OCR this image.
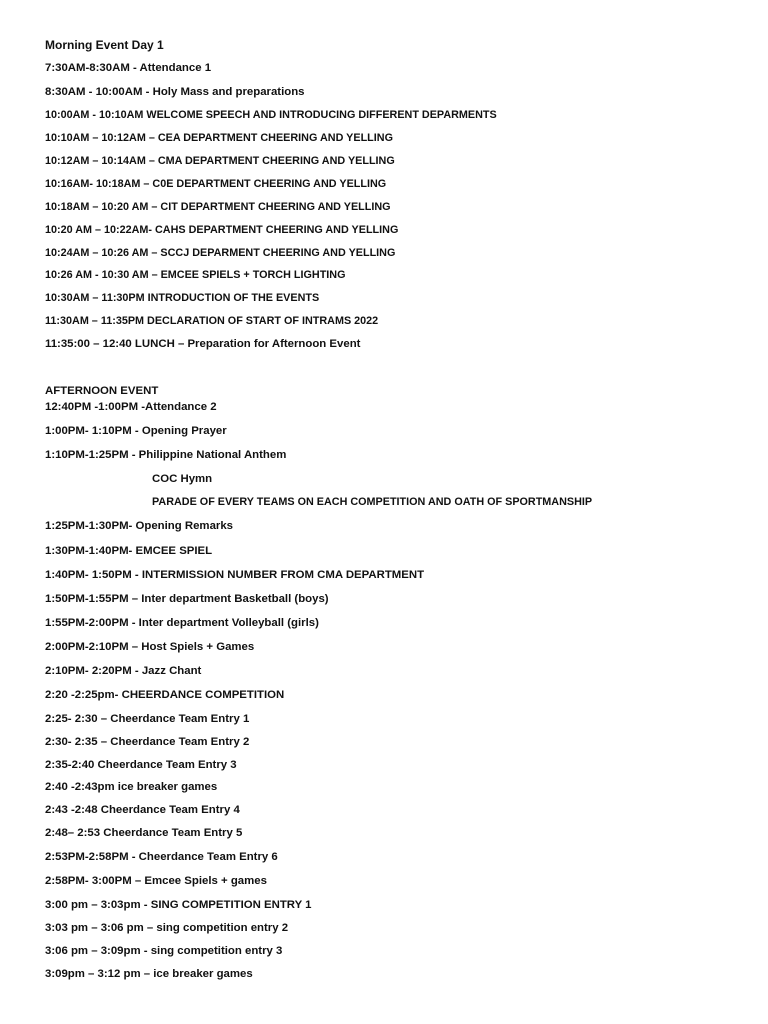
Morning Event Day 1
7:30AM-8:30AM - Attendance 1
8:30AM - 10:00AM - Holy Mass and preparations
10:00AM - 10:10AM WELCOME SPEECH AND INTRODUCING DIFFERENT DEPARMENTS
10:10AM – 10:12AM – CEA DEPARTMENT CHEERING AND YELLING
10:12AM – 10:14AM – CMA DEPARTMENT CHEERING AND YELLING
10:16AM- 10:18AM – C0E DEPARTMENT CHEERING AND YELLING
10:18AM – 10:20 AM – CIT DEPARTMENT CHEERING AND YELLING
10:20 AM – 10:22AM- CAHS DEPARTMENT CHEERING AND YELLING
10:24AM – 10:26 AM – SCCJ DEPARMENT CHEERING AND YELLING
10:26 AM - 10:30 AM – EMCEE SPIELS + TORCH LIGHTING
10:30AM – 11:30PM INTRODUCTION OF THE EVENTS
11:30AM – 11:35PM DECLARATION OF START OF INTRAMS 2022
11:35:00 – 12:40 LUNCH – Preparation for Afternoon Event
AFTERNOON EVENT
12:40PM -1:00PM -Attendance 2
1:00PM- 1:10PM - Opening Prayer
1:10PM-1:25PM - Philippine National Anthem
COC Hymn
PARADE OF EVERY TEAMS ON EACH COMPETITION AND OATH OF SPORTMANSHIP
1:25PM-1:30PM- Opening Remarks
1:30PM-1:40PM- EMCEE SPIEL
1:40PM- 1:50PM - INTERMISSION NUMBER FROM CMA DEPARTMENT
1:50PM-1:55PM – Inter department Basketball (boys)
1:55PM-2:00PM - Inter department Volleyball (girls)
2:00PM-2:10PM – Host Spiels + Games
2:10PM- 2:20PM - Jazz Chant
2:20 -2:25pm- CHEERDANCE COMPETITION
2:25- 2:30 – Cheerdance Team Entry 1
2:30- 2:35 – Cheerdance Team Entry 2
2:35-2:40 Cheerdance Team Entry 3
2:40 -2:43pm ice breaker games
2:43 -2:48 Cheerdance Team Entry 4
2:48– 2:53 Cheerdance Team Entry 5
2:53PM-2:58PM - Cheerdance Team Entry 6
2:58PM- 3:00PM – Emcee Spiels + games
3:00 pm – 3:03pm - SING COMPETITION ENTRY 1
3:03 pm – 3:06 pm – sing competition entry 2
3:06 pm – 3:09pm - sing competition entry 3
3:09pm – 3:12 pm – ice breaker games
